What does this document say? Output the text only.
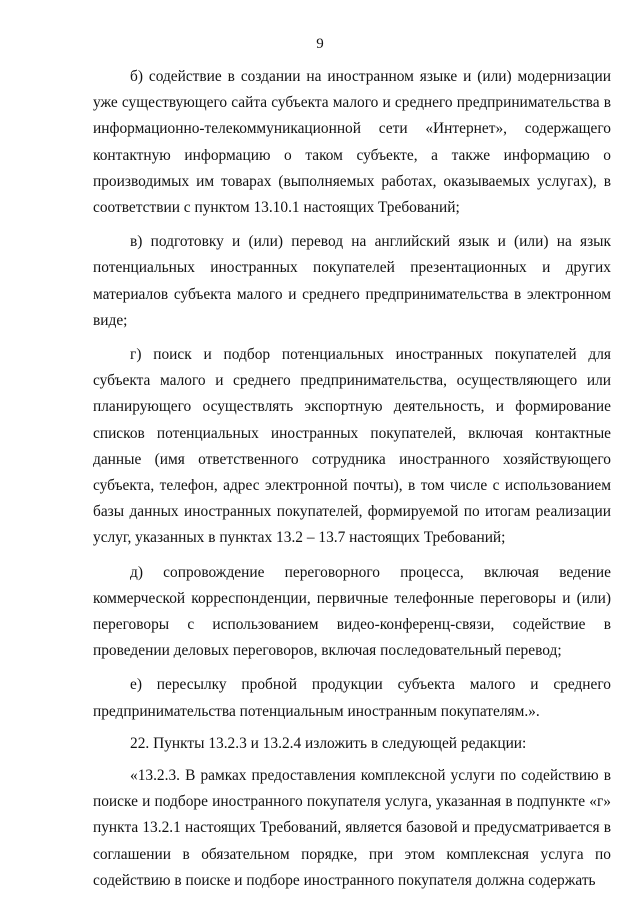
9

б) содействие в создании на иностранном языке и (или) модернизации уже существующего сайта субъекта малого и среднего предпринимательства в информационно-телекоммуникационной сети «Интернет», содержащего контактную информацию о таком субъекте, а также информацию о производимых им товарах (выполняемых работах, оказываемых услугах), в соответствии с пунктом 13.10.1 настоящих Требований;

в) подготовку и (или) перевод на английский язык и (или) на язык потенциальных иностранных покупателей презентационных и других материалов субъекта малого и среднего предпринимательства в электронном виде;

г) поиск и подбор потенциальных иностранных покупателей для субъекта малого и среднего предпринимательства, осуществляющего или планирующего осуществлять экспортную деятельность, и формирование списков потенциальных иностранных покупателей, включая контактные данные (имя ответственного сотрудника иностранного хозяйствующего субъекта, телефон, адрес электронной почты), в том числе с использованием базы данных иностранных покупателей, формируемой по итогам реализации услуг, указанных в пунктах 13.2 – 13.7 настоящих Требований;

д) сопровождение переговорного процесса, включая ведение коммерческой корреспонденции, первичные телефонные переговоры и (или) переговоры с использованием видео-конференц-связи, содействие в проведении деловых переговоров, включая последовательный перевод;

е) пересылку пробной продукции субъекта малого и среднего предпринимательства потенциальным иностранным покупателям.».

22. Пункты 13.2.3 и 13.2.4 изложить в следующей редакции:

«13.2.3. В рамках предоставления комплексной услуги по содействию в поиске и подборе иностранного покупателя услуга, указанная в подпункте «г» пункта 13.2.1 настоящих Требований, является базовой и предусматривается в соглашении в обязательном порядке, при этом комплексная услуга по содействию в поиске и подборе иностранного покупателя должна содержать
